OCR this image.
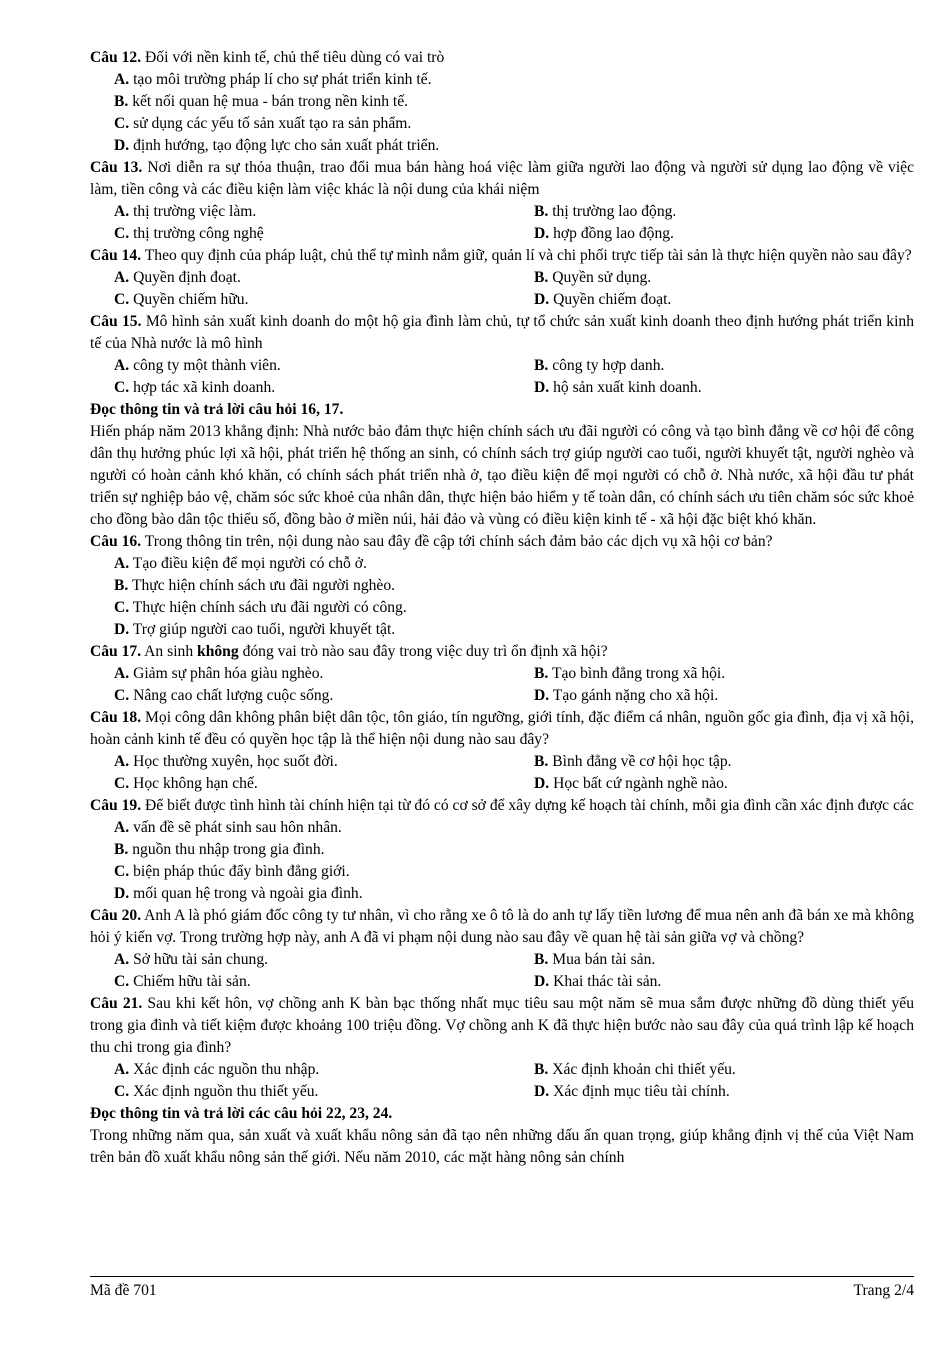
Câu 12. Đối với nền kinh tế, chủ thể tiêu dùng có vai trò

A. tạo môi trường pháp lí cho sự phát triển kinh tế.

B. kết nối quan hệ mua - bán trong nền kinh tế.

C. sử dụng các yếu tố sản xuất tạo ra sản phẩm.

D. định hướng, tạo động lực cho sản xuất phát triển.

Câu 13. Nơi diễn ra sự thỏa thuận, trao đổi mua bán hàng hoá việc làm giữa người lao động và người sử dụng lao động về việc làm, tiền công và các điều kiện làm việc khác là nội dung của khái niệm

A. thị trường việc làm.	B. thị trường lao động.

C. thị trường công nghệ	D. hợp đồng lao động.

Câu 14. Theo quy định của pháp luật, chủ thể tự mình nắm giữ, quản lí và chi phối trực tiếp tài sản là thực hiện quyền nào sau đây?

A. Quyền định đoạt.	B. Quyền sử dụng.

C. Quyền chiếm hữu.	D. Quyền chiếm đoạt.

Câu 15. Mô hình sản xuất kinh doanh do một hộ gia đình làm chủ, tự tổ chức sản xuất kinh doanh theo định hướng phát triển kinh tế của Nhà nước là mô hình

A. công ty một thành viên.	B. công ty hợp danh.

C. hợp tác xã kinh doanh.	D. hộ sản xuất kinh doanh.

Đọc thông tin và trả lời câu hỏi 16, 17.

Hiến pháp năm 2013 khẳng định: Nhà nước bảo đảm thực hiện chính sách ưu đãi người có công và tạo bình đẳng về cơ hội để công dân thụ hưởng phúc lợi xã hội, phát triển hệ thống an sinh, có chính sách trợ giúp người cao tuổi, người khuyết tật, người nghèo và người có hoàn cảnh khó khăn, có chính sách phát triển nhà ở, tạo điều kiện để mọi người có chỗ ở. Nhà nước, xã hội đầu tư phát triển sự nghiệp bảo vệ, chăm sóc sức khoẻ của nhân dân, thực hiện bảo hiểm y tế toàn dân, có chính sách ưu tiên chăm sóc sức khoẻ cho đồng bào dân tộc thiểu số, đồng bào ở miền núi, hải đảo và vùng có điều kiện kinh tế - xã hội đặc biệt khó khăn.

Câu 16. Trong thông tin trên, nội dung nào sau đây đề cập tới chính sách đảm bảo các dịch vụ xã hội cơ bản?

A. Tạo điều kiện để mọi người có chỗ ở.

B. Thực hiện chính sách ưu đãi người nghèo.

C. Thực hiện chính sách ưu đãi người có công.

D. Trợ giúp người cao tuổi, người khuyết tật.

Câu 17. An sinh không đóng vai trò nào sau đây trong việc duy trì ổn định xã hội?

A. Giảm sự phân hóa giàu nghèo.	B. Tạo bình đẳng trong xã hội.

C. Nâng cao chất lượng cuộc sống.	D. Tạo gánh nặng cho xã hội.

Câu 18. Mọi công dân không phân biệt dân tộc, tôn giáo, tín ngưỡng, giới tính, đặc điểm cá nhân, nguồn gốc gia đình, địa vị xã hội, hoàn cảnh kinh tế đều có quyền học tập là thể hiện nội dung nào sau đây?

A. Học thường xuyên, học suốt đời.	B. Bình đẳng về cơ hội học tập.

C. Học không hạn chế.	D. Học bất cứ ngành nghề nào.

Câu 19. Để biết được tình hình tài chính hiện tại từ đó có cơ sở để xây dựng kế hoạch tài chính, mỗi gia đình cần xác định được các

A. vấn đề sẽ phát sinh sau hôn nhân.

B. nguồn thu nhập trong gia đình.

C. biện pháp thúc đẩy bình đẳng giới.

D. mối quan hệ trong và ngoài gia đình.

Câu 20. Anh A là phó giám đốc công ty tư nhân, vì cho rằng xe ô tô là do anh tự lấy tiền lương để mua nên anh đã bán xe mà không hỏi ý kiến vợ. Trong trường hợp này, anh A đã vi phạm nội dung nào sau đây về quan hệ tài sản giữa vợ và chồng?

A. Sở hữu tài sản chung.	B. Mua bán tài sản.

C. Chiếm hữu tài sản.	D. Khai thác tài sản.

Câu 21. Sau khi kết hôn, vợ chồng anh K bàn bạc thống nhất mục tiêu sau một năm sẽ mua sắm được những đồ dùng thiết yếu trong gia đình và tiết kiệm được khoảng 100 triệu đồng. Vợ chồng anh K đã thực hiện bước nào sau đây của quá trình lập kế hoạch thu chi trong gia đình?

A. Xác định các nguồn thu nhập.	B. Xác định khoản chi thiết yếu.

C. Xác định nguồn thu thiết yếu.	D. Xác định mục tiêu tài chính.

Đọc thông tin và trả lời các câu hỏi 22, 23, 24.

Trong những năm qua, sản xuất và xuất khẩu nông sản đã tạo nên những dấu ấn quan trọng, giúp khẳng định vị thế của Việt Nam trên bản đồ xuất khẩu nông sản thế giới. Nếu năm 2010, các mặt hàng nông sản chính

Mã đề 701	Trang 2/4
